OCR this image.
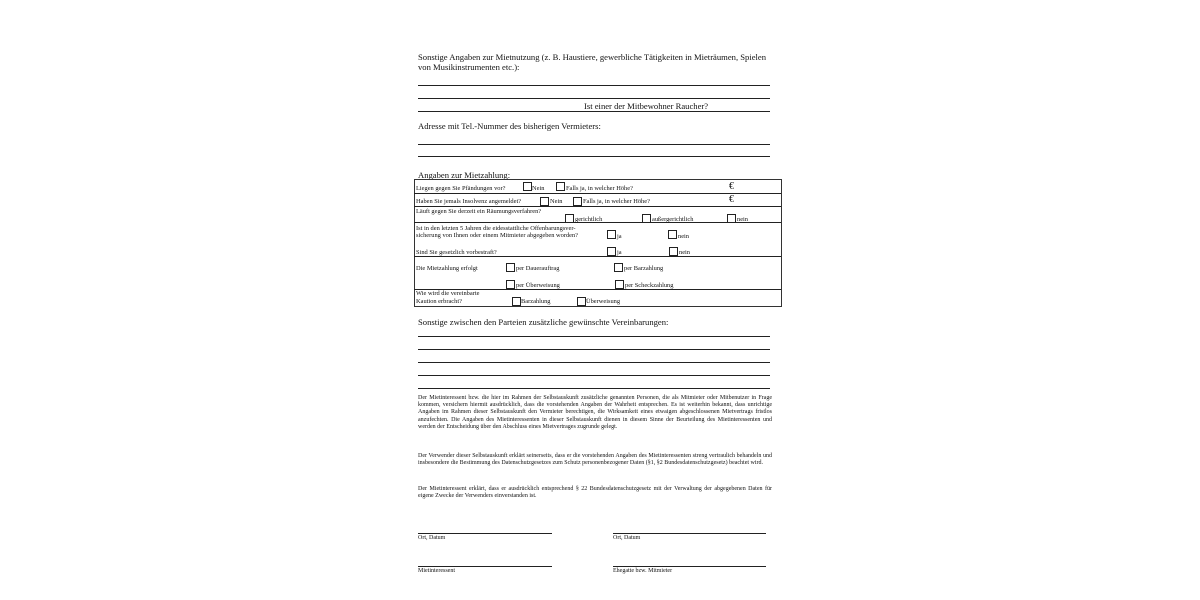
Sonstige Angaben zur Mietnutzung (z. B. Haustiere, gewerbliche Tätigkeiten in Mieträumen, Spielen
von Musikinstrumenten etc.):
Ist einer der Mitbewohner Raucher?
Adresse mit Tel.-Nummer des bisherigen Vermieters:
Angaben zur Mietzahlung:
Liegen gegen Sie Pfändungen vor?	Nein	Falls ja, in welcher Höhe?	€
Haben Sie jemals Insolvenz angemeldet?	Nein	Falls ja, in welcher Höhe?	€
Läuft gegen Sie derzeit ein Räumungsverfahren?
gerichtlich	außergerichtlich	nein
Ist in den letzten 5 Jahren die eidesstattliche Offenbarungsver-
sicherung von Ihnen oder einem Mitmieter abgegeben worden?	ja	nein
Sind Sie gesetzlich vorbestraft?	ja	nein
Die Mietzahlung erfolgt	per Dauerauftrag	per Barzahlung
per Überweisung	per Scheckzahlung
Wie wird die vereinbarte
Kaution erbracht?	Barzahlung	Überweisung
Sonstige zwischen den Parteien zusätzliche gewünschte Vereinbarungen:
Der Mietinteressent bzw. die hier im Rahmen der Selbstauskunft zusätzliche genannten Personen, die als Mitmieter oder Mitbenutzer in Frage kommen, versichern hiermit ausdrücklich, dass die vorstehenden Angaben der Wahrheit entsprechen. Es ist weiterhin bekannt, dass unrichtige Angaben im Rahmen dieser Selbstauskunft den Vermieter berechtigen, die Wirksamkeit eines etwaigen abgeschlossenen Mietvertrags fristlos anzufechten. Die Angaben des Mietinteressenten in dieser Selbstauskunft dienen in diesem Sinne der Beurteilung des Mietinteressenten und werden der Entscheidung über den Abschluss eines Mietvertrages zugrunde gelegt.
Der Verwender dieser Selbstauskunft erklärt seinerseits, dass er die vorstehenden Angaben des Mietinteressenten streng vertraulich behandeln und insbesondere die Bestimmung des Datenschutzgesetzes zum Schutz personenbezogener Daten (§1, §2 Bundesdatenschutzgesetz) beachtet wird.
Der Mietinteressent erklärt, dass er ausdrücklich entsprechend § 22 Bundesdatenschutzgesetz mit der Verwaltung der abgegebenen Daten für eigene Zwecke der Verwenders einverstanden ist.
Ort, Datum	Ort, Datum
Mietinteressent	Ehegatte bzw. Mitmieter
